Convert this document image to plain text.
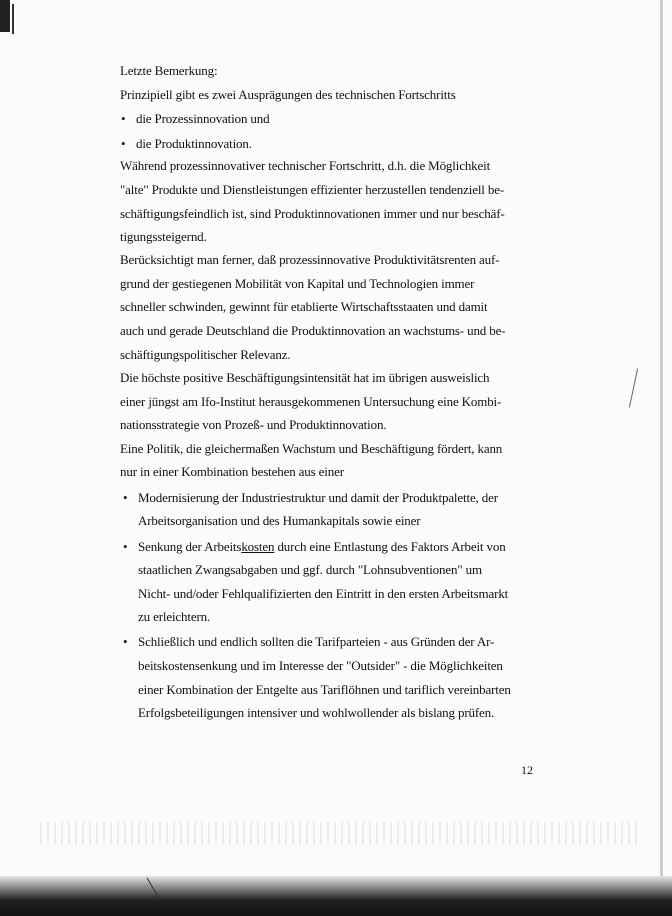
Letzte Bemerkung:
Prinzipiell gibt es zwei Ausprägungen des technischen Fortschritts
• die Prozessinnovation und
• die Produktinnovation.
Während prozessinnovativer technischer Fortschritt, d.h. die Möglichkeit
"alte" Produkte und Dienstleistungen effizienter herzustellen tendenziell be-
schäftigungsfeindlich ist, sind Produktinnovationen immer und nur beschäf-
tigungssteigernd.
Berücksichtigt man ferner, daß prozessinnovative Produktivitätsrenten auf-
grund der gestiegenen Mobilität von Kapital und Technologien immer
schneller schwinden, gewinnt für etablierte Wirtschaftsstaaten und damit
auch und gerade Deutschland die Produktinnovation an wachstums- und be-
schäftigungspolitischer Relevanz.
Die höchste positive Beschäftigungsintensität hat im übrigen ausweislich
einer jüngst am Ifo-Institut herausgekommenen Untersuchung eine Kombi-
nationsstrategie von Prozeß- und Produktinnovation.
Eine Politik, die gleichermaßen Wachstum und Beschäftigung fördert, kann
nur in einer Kombination bestehen aus einer
• Modernisierung der Industriestruktur und damit der Produktpalette, der
Arbeitsorganisation und des Humankapitals sowie einer
• Senkung der Arbeitskosten durch eine Entlastung des Faktors Arbeit von
staatlichen Zwangsabgaben und ggf. durch "Lohnsubventionen" um
Nicht- und/oder Fehlqualifizierten den Eintritt in den ersten Arbeitsmarkt
zu erleichtern.
• Schließlich und endlich sollten die Tarifparteien - aus Gründen der Ar-
beitskostensenkung und im Interesse der "Outsider" - die Möglichkeiten
einer Kombination der Entgelte aus Tariflöhnen und tariflich vereinbarten
Erfolgsbeteiligungen intensiver und wohlwollender als bislang prüfen.
12
